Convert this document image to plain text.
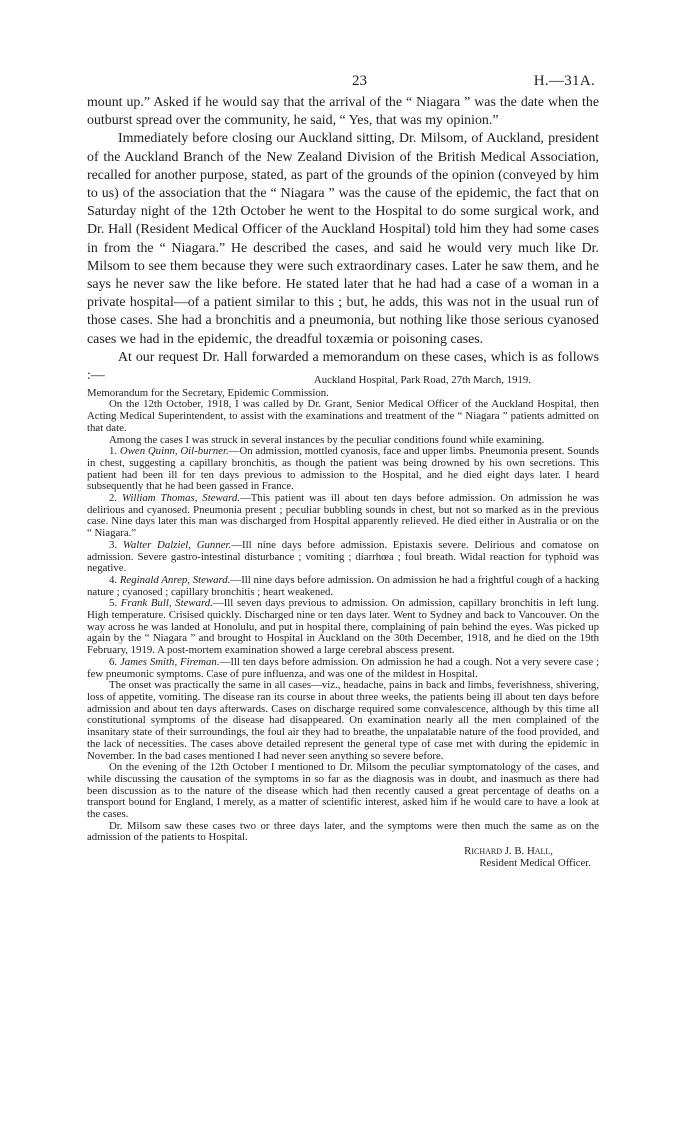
23	H.—31A.

mount up.” Asked if he would say that the arrival of the “ Niagara ” was the date when the outburst spread over the community, he said, “ Yes, that was my opinion.”

Immediately before closing our Auckland sitting, Dr. Milsom, of Auckland, president of the Auckland Branch of the New Zealand Division of the British Medical Association, recalled for another purpose, stated, as part of the grounds of the opinion (conveyed by him to us) of the association that the “ Niagara ” was the cause of the epidemic, the fact that on Saturday night of the 12th October he went to the Hospital to do some surgical work, and Dr. Hall (Resident Medical Officer of the Auckland Hospital) told him they had some cases in from the “ Niagara.” He described the cases, and said he would very much like Dr. Milsom to see them because they were such extraordinary cases. Later he saw them, and he says he never saw the like before. He stated later that he had had a case of a woman in a private hospital—of a patient similar to this ; but, he adds, this was not in the usual run of those cases. She had a bronchitis and a pneumonia, but nothing like those serious cyanosed cases we had in the epidemic, the dreadful toxæmia or poisoning cases.

At our request Dr. Hall forwarded a memorandum on these cases, which is as follows :—	Auckland Hospital, Park Road, 27th March, 1919.

Memorandum for the Secretary, Epidemic Commission.

On the 12th October, 1918, I was called by Dr. Grant, Senior Medical Officer of the Auckland Hospital, then Acting Medical Superintendent, to assist with the examinations and treatment of the “ Niagara ” patients admitted on that date.

Among the cases I was struck in several instances by the peculiar conditions found while examining.

1. Owen Quinn, Oil-burner.—On admission, mottled cyanosis, face and upper limbs. Pneumonia present. Sounds in chest, suggesting a capillary bronchitis, as though the patient was being drowned by his own secretions. This patient had been ill for ten days previous to admission to the Hospital, and he died eight days later. I heard subsequently that he had been gassed in France.

2. William Thomas, Steward.—This patient was ill about ten days before admission. On admission he was delirious and cyanosed. Pneumonia present ; peculiar bubbling sounds in chest, but not so marked as in the previous case. Nine days later this man was discharged from Hospital apparently relieved. He died either in Australia or on the “ Niagara.”

3. Walter Dalziel, Gunner.—Ill nine days before admission. Epistaxis severe. Delirious and comatose on admission. Severe gastro-intestinal disturbance ; vomiting ; diarrhœa ; foul breath. Widal reaction for typhoid was negative.

4. Reginald Anrep, Steward.—Ill nine days before admission. On admission he had a frightful cough of a hacking nature ; cyanosed ; capillary bronchitis ; heart weakened.

5. Frank Bull, Steward.—Ill seven days previous to admission. On admission, capillary bronchitis in left lung. High temperature. Crisised quickly. Discharged nine or ten days later. Went to Sydney and back to Vancouver. On the way across he was landed at Honolulu, and put in hospital there, complaining of pain behind the eyes. Was picked up again by the “ Niagara ” and brought to Hospital in Auckland on the 30th December, 1918, and he died on the 19th February, 1919. A post-mortem examination showed a large cerebral abscess present.

6. James Smith, Fireman.—Ill ten days before admission. On admission he had a cough. Not a very severe case ; few pneumonic symptoms. Case of pure influenza, and was one of the mildest in Hospital.

The onset was practically the same in all cases—viz., headache, pains in back and limbs, feverishness, shivering, loss of appetite, vomiting. The disease ran its course in about three weeks, the patients being ill about ten days before admission and about ten days afterwards. Cases on discharge required some convalescence, although by this time all constitutional symptoms of the disease had disappeared. On examination nearly all the men complained of the insanitary state of their surroundings, the foul air they had to breathe, the unpalatable nature of the food provided, and the lack of necessities. The cases above detailed represent the general type of case met with during the epidemic in November. In the bad cases mentioned I had never seen anything so severe before.

On the evening of the 12th October I mentioned to Dr. Milsom the peculiar symptomatology of the cases, and while discussing the causation of the symptoms in so far as the diagnosis was in doubt, and inasmuch as there had been discussion as to the nature of the disease which had then recently caused a great percentage of deaths on a transport bound for England, I merely, as a matter of scientific interest, asked him if he would care to have a look at the cases.

Dr. Milsom saw these cases two or three days later, and the symptoms were then much the same as on the admission of the patients to Hospital.

Richard J. B. Hall,

Resident Medical Officer.
